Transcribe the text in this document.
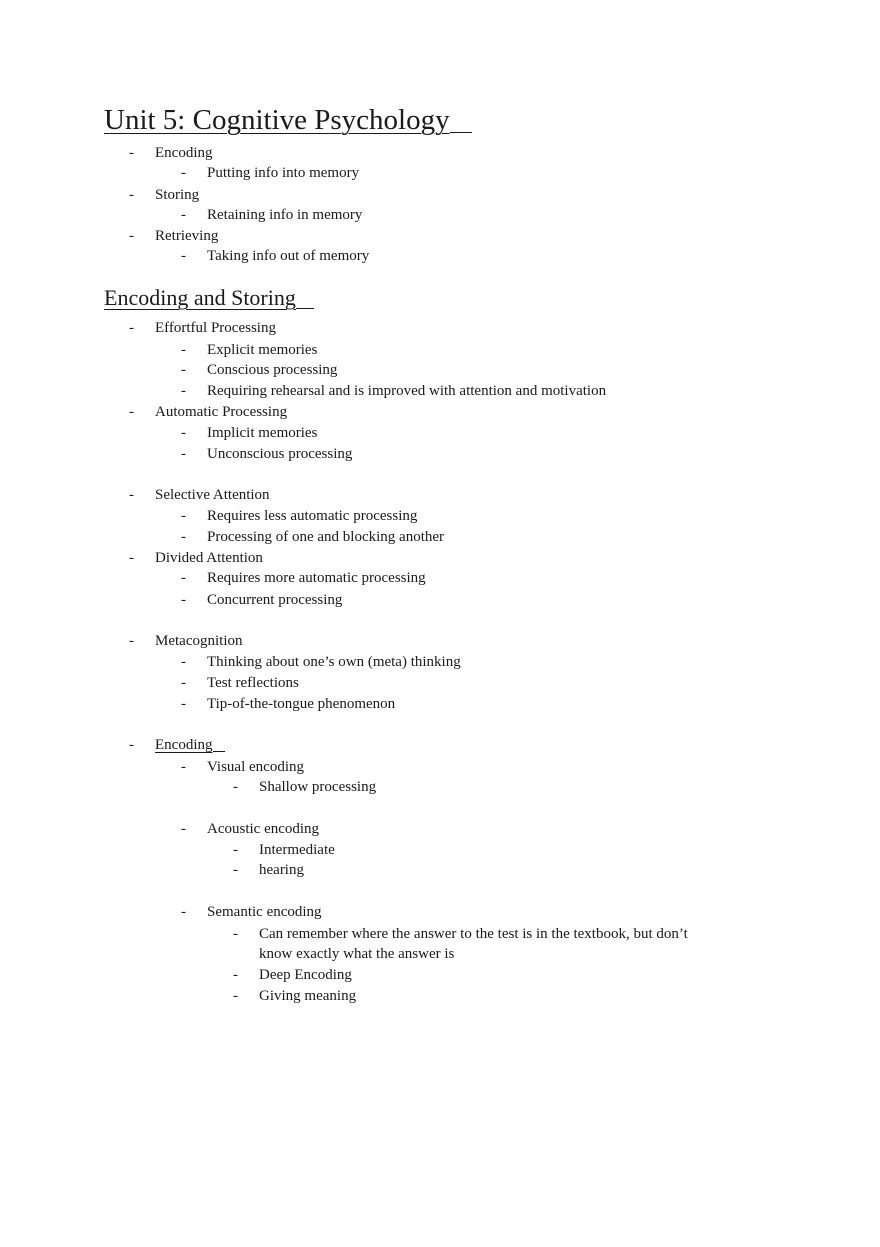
Unit 5: Cognitive Psychology
-	Encoding
-	Putting info into memory
-	Storing
-	Retaining info in memory
-	Retrieving
-	Taking info out of memory
Encoding and Storing
-	Effortful Processing
-	Explicit memories
-	Conscious processing
-	Requiring rehearsal and is improved with attention and motivation
-	Automatic Processing
-	Implicit memories
-	Unconscious processing
-	Selective Attention
-	Requires less automatic processing
-	Processing of one and blocking another
-	Divided Attention
-	Requires more automatic processing
-	Concurrent processing
-	Metacognition
-	Thinking about one’s own (meta) thinking
-	Test reflections
-	Tip-of-the-tongue phenomenon
-	Encoding
-	Visual encoding
-	Shallow processing
-	Acoustic encoding
-	Intermediate
-	hearing
-	Semantic encoding
-	Can remember where the answer to the test is in the textbook, but don’t
know exactly what the answer is
-	Deep Encoding
-	Giving meaning
